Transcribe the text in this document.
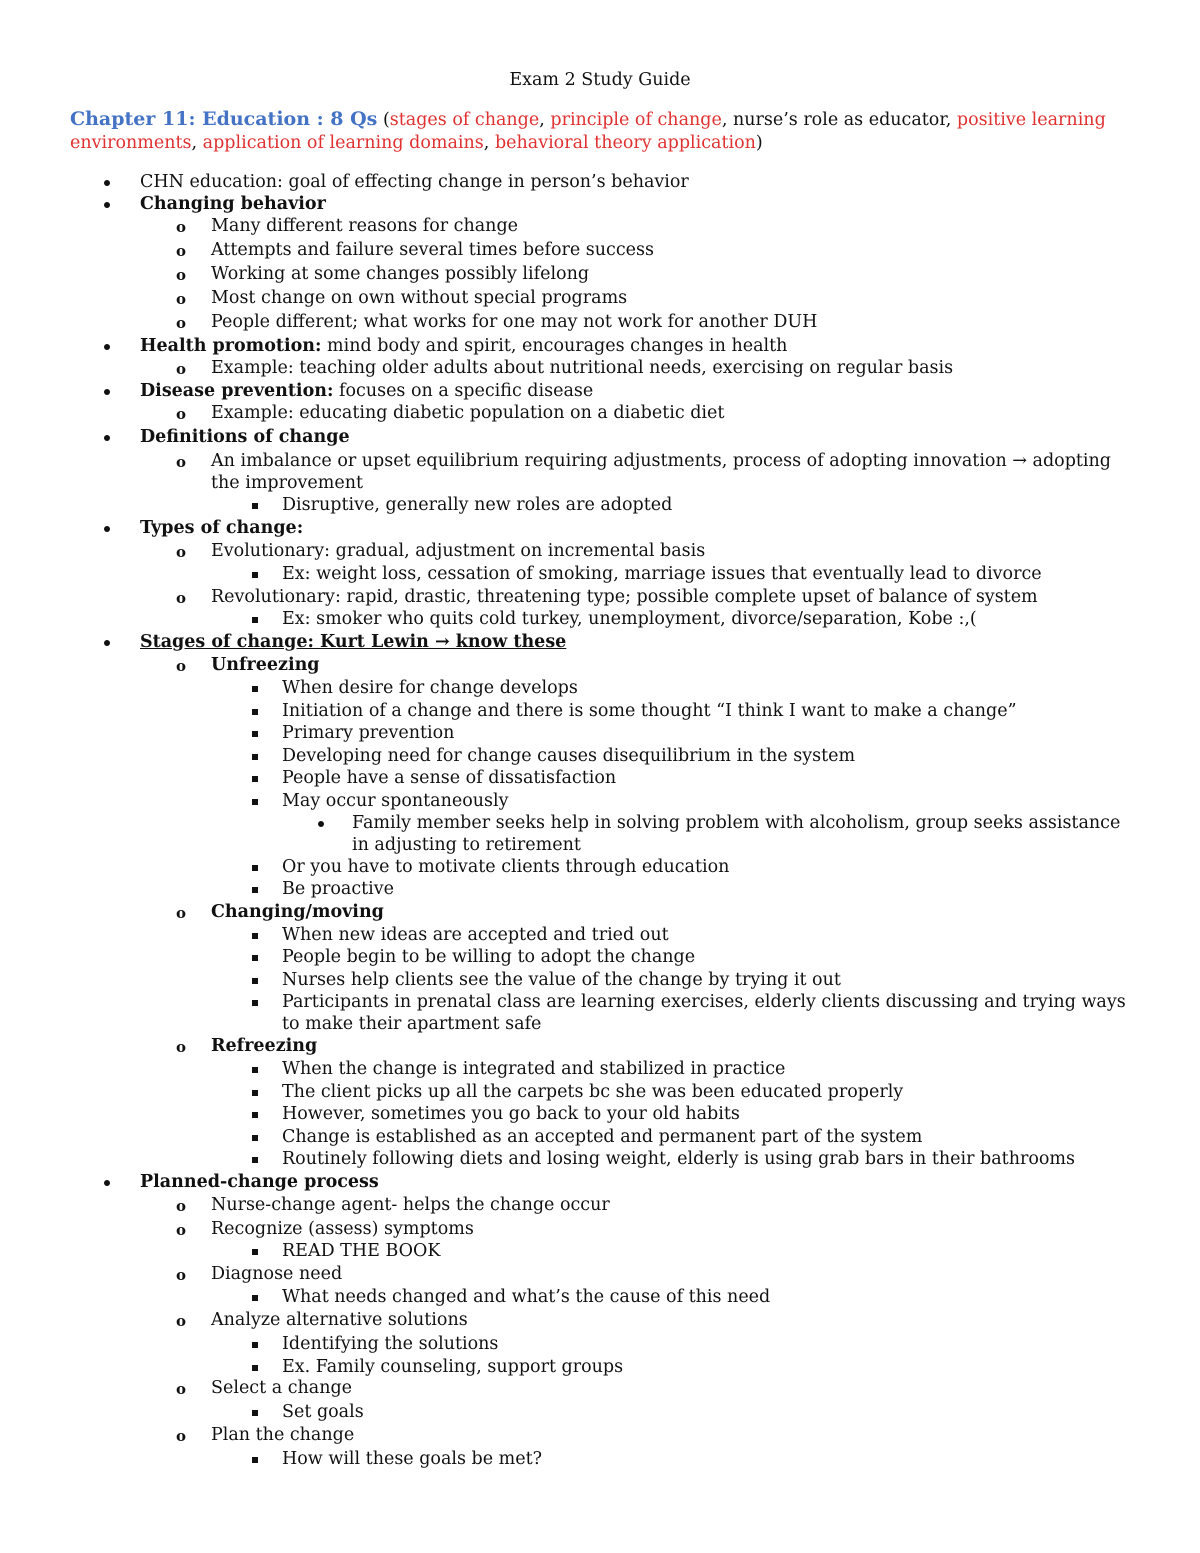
Exam 2 Study Guide
Chapter 11: Education : 8 Qs (stages of change, principle of change, nurse’s role as educator, positive learning environments, application of learning domains, behavioral theory application)
CHN education: goal of effecting change in person’s behavior
Changing behavior
o Many different reasons for change
o Attempts and failure several times before success
o Working at some changes possibly lifelong
o Most change on own without special programs
o People different; what works for one may not work for another DUH
Health promotion: mind body and spirit, encourages changes in health
o Example: teaching older adults about nutritional needs, exercising on regular basis
Disease prevention: focuses on a specific disease
o Example: educating diabetic population on a diabetic diet
Definitions of change
o An imbalance or upset equilibrium requiring adjustments, process of adopting innovation → adopting the improvement
Disruptive, generally new roles are adopted
Types of change:
o Evolutionary: gradual, adjustment on incremental basis
Ex: weight loss, cessation of smoking, marriage issues that eventually lead to divorce
o Revolutionary: rapid, drastic, threatening type; possible complete upset of balance of system
Ex: smoker who quits cold turkey, unemployment, divorce/separation, Kobe :,(
Stages of change: Kurt Lewin → know these
o Unfreezing
When desire for change develops
Initiation of a change and there is some thought “I think I want to make a change”
Primary prevention
Developing need for change causes disequilibrium in the system
People have a sense of dissatisfaction
May occur spontaneously
Family member seeks help in solving problem with alcoholism, group seeks assistance in adjusting to retirement
Or you have to motivate clients through education
Be proactive
o Changing/moving
When new ideas are accepted and tried out
People begin to be willing to adopt the change
Nurses help clients see the value of the change by trying it out
Participants in prenatal class are learning exercises, elderly clients discussing and trying ways to make their apartment safe
o Refreezing
When the change is integrated and stabilized in practice
The client picks up all the carpets bc she was been educated properly
However, sometimes you go back to your old habits
Change is established as an accepted and permanent part of the system
Routinely following diets and losing weight, elderly is using grab bars in their bathrooms
Planned-change process
o Nurse-change agent- helps the change occur
o Recognize (assess) symptoms
READ THE BOOK
o Diagnose need
What needs changed and what’s the cause of this need
o Analyze alternative solutions
Identifying the solutions
Ex. Family counseling, support groups
o Select a change
Set goals
o Plan the change
How will these goals be met?
